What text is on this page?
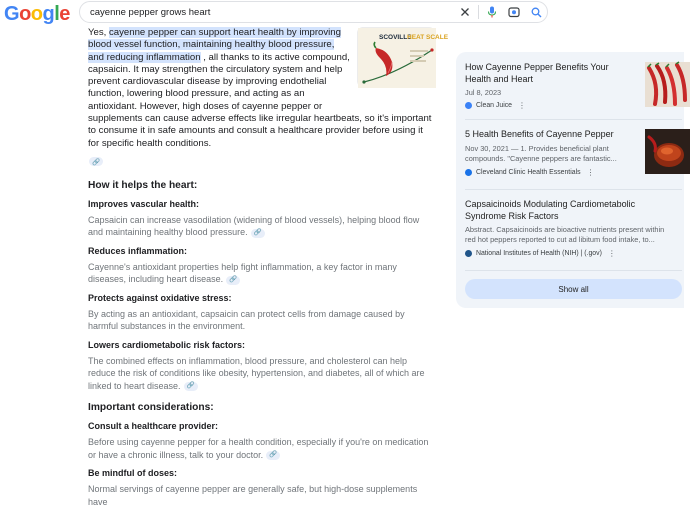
Google cayenne pepper grows heart
SCOVILLE
HEAT SCALE

Yes, cayenne pepper can support heart health by improving blood vessel function, maintaining healthy blood pressure, and reducing inflammation , all thanks to its active compound, capsaicin. It may strengthen the circulatory system and help prevent cardiovascular disease by improving endothelial function, lowering blood pressure, and acting as an antioxidant. However, high doses of cayenne pepper or supplements can cause adverse effects like irregular heartbeats, so it's important to consume it in safe amounts and consult a healthcare provider before using it for specific health conditions.

🔗
How it helps the heart:
Improves vascular health:
Capsaicin can increase vasodilation (widening of blood vessels), helping blood flow and maintaining healthy blood pressure. 🔗
Reduces inflammation:
Cayenne's antioxidant properties help fight inflammation, a key factor in many diseases, including heart disease. 🔗
Protects against oxidative stress:
By acting as an antioxidant, capsaicin can protect cells from damage caused by harmful substances in the environment.
Lowers cardiometabolic risk factors:
The combined effects on inflammation, blood pressure, and cholesterol can help reduce the risk of conditions like obesity, hypertension, and diabetes, all of which are linked to heart disease. 🔗
Important considerations:
Consult a healthcare provider:
Before using cayenne pepper for a health condition, especially if you're on medication or have a chronic illness, talk to your doctor. 🔗
Be mindful of doses:
Normal servings of cayenne pepper are generally safe, but high-dose supplements have
How Cayenne Pepper Benefits Your Health and Heart
Jul 8, 2023
Clean Juice ⋮
5 Health Benefits of Cayenne Pepper
Nov 30, 2021 — 1. Provides beneficial plant compounds. "Cayenne peppers are fantastic...
Cleveland Clinic Health Essentials ⋮
Capsaicinoids Modulating Cardiometabolic Syndrome Risk Factors
Abstract. Capsaicinoids are bioactive nutrients present within red hot peppers reported to cut ad libitum food intake, to...
National Institutes of Health (NIH) | (.gov) ⋮
Show all
